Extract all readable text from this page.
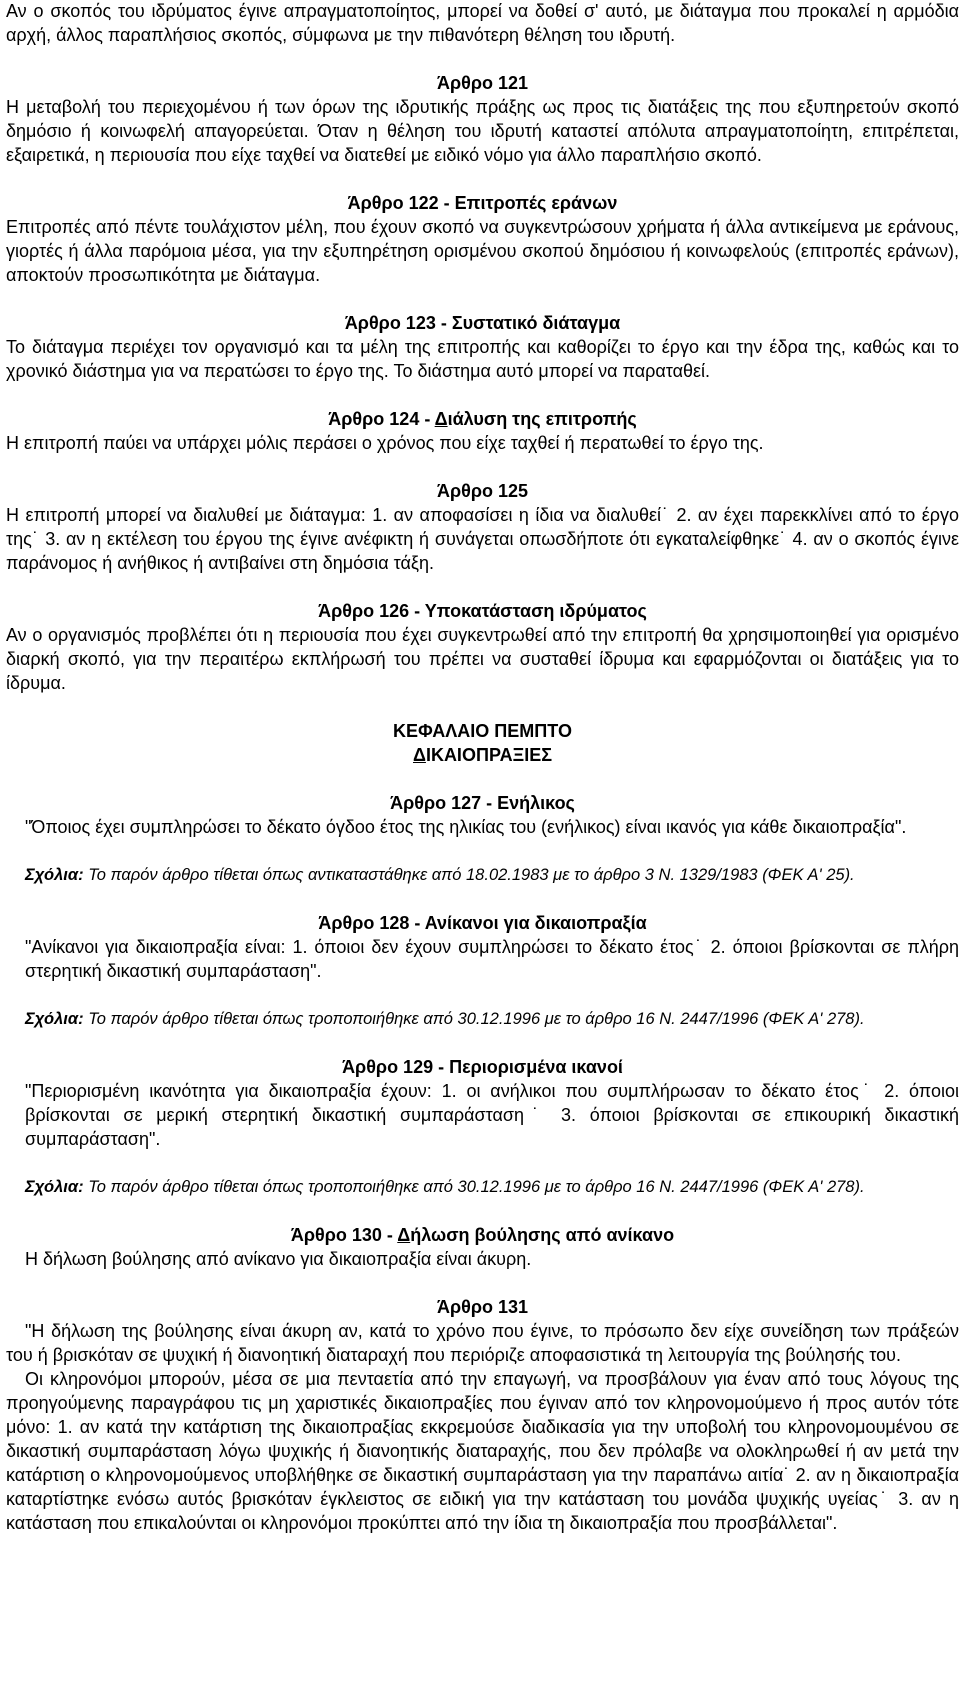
Αν ο σκοπός του ιδρύματος έγινε απραγματοποίητος, μπορεί να δοθεί σ' αυτό, με διάταγμα που προκαλεί η αρμόδια αρχή, άλλος παραπλήσιος σκοπός, σύμφωνα με την πιθανότερη θέληση του ιδρυτή.

Άρθρο 121

Η μεταβολή του περιεχομένου ή των όρων της ιδρυτικής πράξης ως προς τις διατάξεις της που εξυπηρετούν σκοπό δημόσιο ή κοινωφελή απαγορεύεται. Όταν η θέληση του ιδρυτή καταστεί απόλυτα απραγματοποίητη, επιτρέπεται, εξαιρετικά, η περιουσία που είχε ταχθεί να διατεθεί με ειδικό νόμο για άλλο παραπλήσιο σκοπό.

Άρθρο 122 - Επιτροπές εράνων

Επιτροπές από πέντε τουλάχιστον μέλη, που έχουν σκοπό να συγκεντρώσουν χρήματα ή άλλα αντικείμενα με εράνους, γιορτές ή άλλα παρόμοια μέσα, για την εξυπηρέτηση ορισμένου σκοπού δημόσιου ή κοινωφελούς (επιτροπές εράνων), αποκτούν προσωπικότητα με διάταγμα.

Άρθρο 123 - Συστατικό διάταγμα

Το διάταγμα περιέχει τον οργανισμό και τα μέλη της επιτροπής και καθορίζει το έργο και την έδρα της, καθώς και το χρονικό διάστημα για να περατώσει το έργο της. Το διάστημα αυτό μπορεί να παραταθεί.

Άρθρο 124 - Διάλυση της επιτροπής

Η επιτροπή παύει να υπάρχει μόλις περάσει ο χρόνος που είχε ταχθεί ή περατωθεί το έργο της.

Άρθρο 125

Η επιτροπή μπορεί να διαλυθεί με διάταγμα: 1. αν αποφασίσει η ίδια να διαλυθεί˙ 2. αν έχει παρεκκλίνει από το έργο της˙ 3. αν η εκτέλεση του έργου της έγινε ανέφικτη ή συνάγεται οπωσδήποτε ότι εγκαταλείφθηκε˙ 4. αν ο σκοπός έγινε παράνομος ή ανήθικος ή αντιβαίνει στη δημόσια τάξη.

Άρθρο 126 - Υποκατάσταση ιδρύματος

Αν ο οργανισμός προβλέπει ότι η περιουσία που έχει συγκεντρωθεί από την επιτροπή θα χρησιμοποιηθεί για ορισμένο διαρκή σκοπό, για την περαιτέρω εκπλήρωσή του πρέπει να συσταθεί ίδρυμα και εφαρμόζονται οι διατάξεις για το ίδρυμα.

ΚΕΦΑΛΑΙΟ ΠΕΜΠΤΟ
ΔΙΚΑΙΟΠΡΑΞΙΕΣ
Άρθρο 127 - Ενήλικος

"Όποιος έχει συμπληρώσει το δέκατο όγδοο έτος της ηλικίας του (ενήλικος) είναι ικανός για κάθε δικαιοπραξία".

Σχόλια: Το παρόν άρθρο τίθεται όπως αντικαταστάθηκε από 18.02.1983 με το άρθρο 3 Ν. 1329/1983 (ΦΕΚ Α' 25).

Άρθρο 128 - Ανίκανοι για δικαιοπραξία

"Ανίκανοι για δικαιοπραξία είναι: 1. όποιοι δεν έχουν συμπληρώσει το δέκατο έτος˙ 2. όποιοι βρίσκονται σε πλήρη στερητική δικαστική συμπαράσταση".

Σχόλια: Το παρόν άρθρο τίθεται όπως τροποποιήθηκε από 30.12.1996 με το άρθρο 16 Ν. 2447/1996 (ΦΕΚ Α' 278).

Άρθρο 129 - Περιορισμένα ικανοί

"Περιορισμένη ικανότητα για δικαιοπραξία έχουν: 1. οι ανήλικοι που συμπλήρωσαν το δέκατο έτος˙ 2. όποιοι βρίσκονται σε μερική στερητική δικαστική συμπαράσταση˙ 3. όποιοι βρίσκονται σε επικουρική δικαστική συμπαράσταση".

Σχόλια: Το παρόν άρθρο τίθεται όπως τροποποιήθηκε από 30.12.1996 με το άρθρο 16 Ν. 2447/1996 (ΦΕΚ Α' 278).

Άρθρο 130 - Δήλωση βούλησης από ανίκανο

Η δήλωση βούλησης από ανίκανο για δικαιοπραξία είναι άκυρη.

Άρθρο 131

"Η δήλωση της βούλησης είναι άκυρη αν, κατά το χρόνο που έγινε, το πρόσωπο δεν είχε συνείδηση των πράξεών του ή βρισκόταν σε ψυχική ή διανοητική διαταραχή που περιόριζε αποφασιστικά τη λειτουργία της βούλησής του.

Οι κληρονόμοι μπορούν, μέσα σε μια πενταετία από την επαγωγή, να προσβάλουν για έναν από τους λόγους της προηγούμενης παραγράφου τις μη χαριστικές δικαιοπραξίες που έγιναν από τον κληρονομούμενο ή προς αυτόν τότε μόνο: 1. αν κατά την κατάρτιση της δικαιοπραξίας εκκρεμούσε διαδικασία για την υποβολή του κληρονομουμένου σε δικαστική συμπαράσταση λόγω ψυχικής ή διανοητικής διαταραχής, που δεν πρόλαβε να ολοκληρωθεί ή αν μετά την κατάρτιση ο κληρονομούμενος υποβλήθηκε σε δικαστική συμπαράσταση για την παραπάνω αιτία˙ 2. αν η δικαιοπραξία καταρτίστηκε ενόσω αυτός βρισκόταν έγκλειστος σε ειδική για την κατάσταση του μονάδα ψυχικής υγείας˙ 3. αν η κατάσταση που επικαλούνται οι κληρονόμοι προκύπτει από την ίδια τη δικαιοπραξία που προσβάλλεται".
